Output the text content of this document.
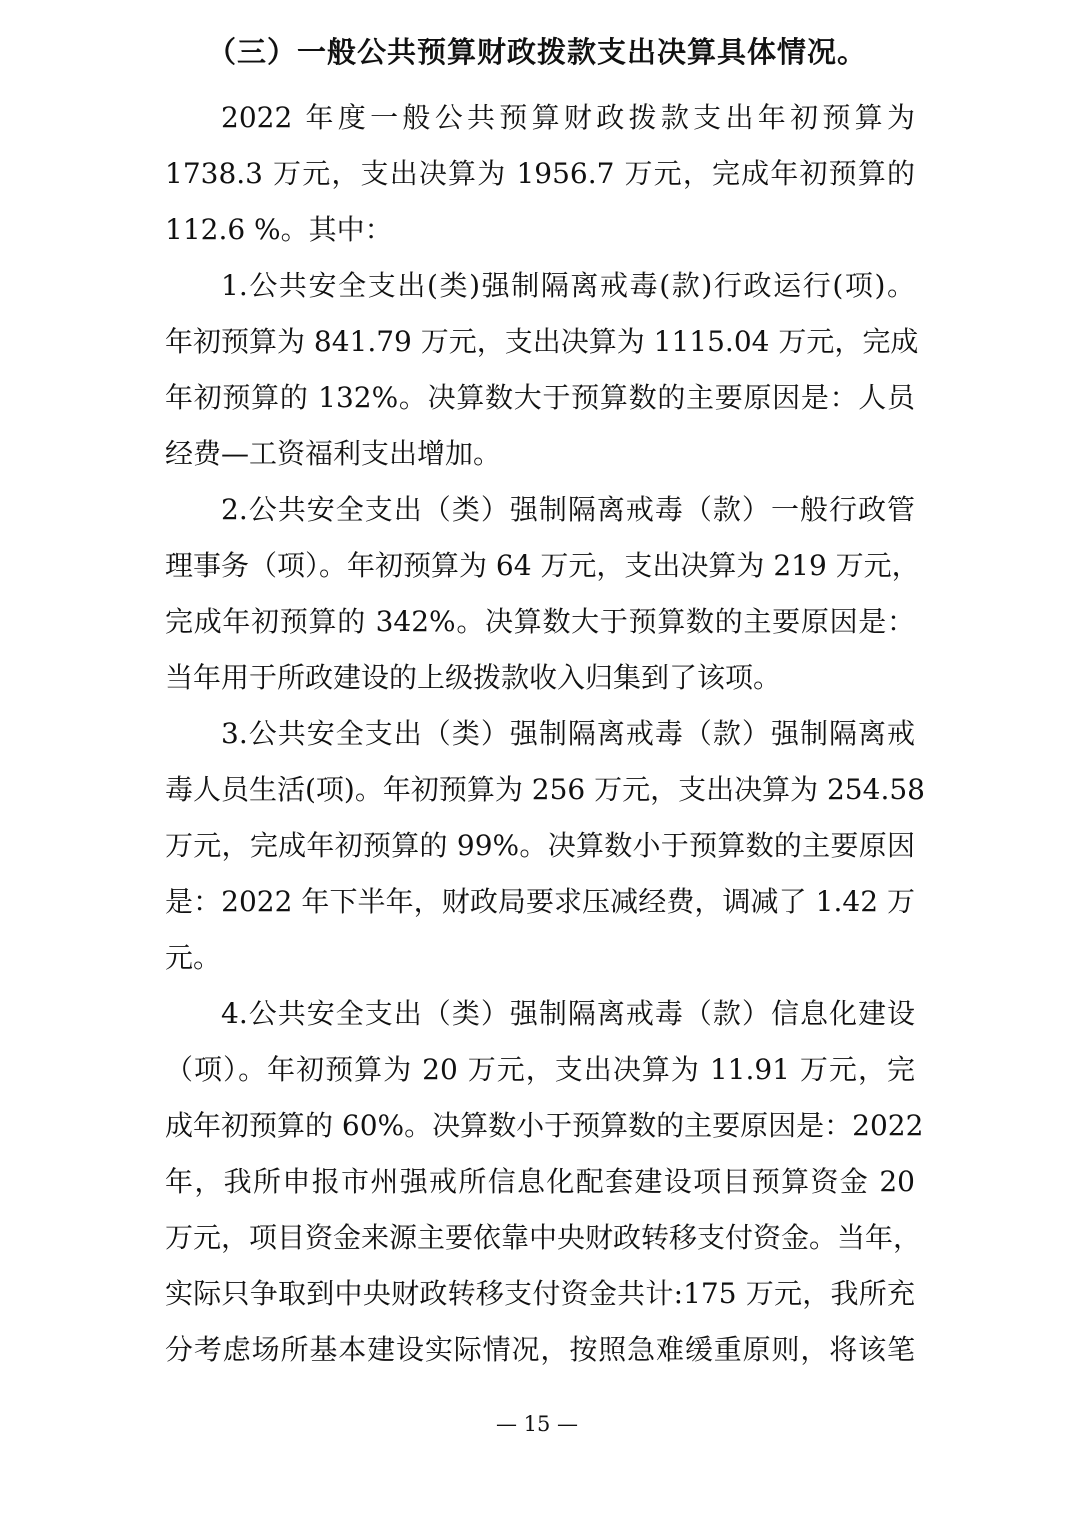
（三）一般公共预算财政拨款支出决算具体情况。
2022 年度一般公共预算财政拨款支出年初预算为
1738.3 万元，支出决算为 1956.7 万元，完成年初预算的
112.6 %。其中：
1.公共安全支出(类)强制隔离戒毒(款)行政运行(项)。
年初预算为 841.79 万元，支出决算为 1115.04 万元，完成
年初预算的 132%。决算数大于预算数的主要原因是：人员
经费—工资福利支出增加。
2.公共安全支出（类）强制隔离戒毒（款）一般行政管
理事务（项）。年初预算为 64 万元，支出决算为 219 万元，
完成年初预算的 342%。决算数大于预算数的主要原因是：
当年用于所政建设的上级拨款收入归集到了该项。
3.公共安全支出（类）强制隔离戒毒（款）强制隔离戒
毒人员生活(项)。年初预算为 256 万元，支出决算为 254.58
万元，完成年初预算的 99%。决算数小于预算数的主要原因
是：2022 年下半年，财政局要求压减经费，调减了 1.42 万
元。
4.公共安全支出（类）强制隔离戒毒（款）信息化建设
（项）。年初预算为 20 万元，支出决算为 11.91 万元，完
成年初预算的 60%。决算数小于预算数的主要原因是：2022
年，我所申报市州强戒所信息化配套建设项目预算资金 20
万元，项目资金来源主要依靠中央财政转移支付资金。当年，
实际只争取到中央财政转移支付资金共计:175 万元，我所充
分考虑场所基本建设实际情况，按照急难缓重原则，将该笔
— 15 —
